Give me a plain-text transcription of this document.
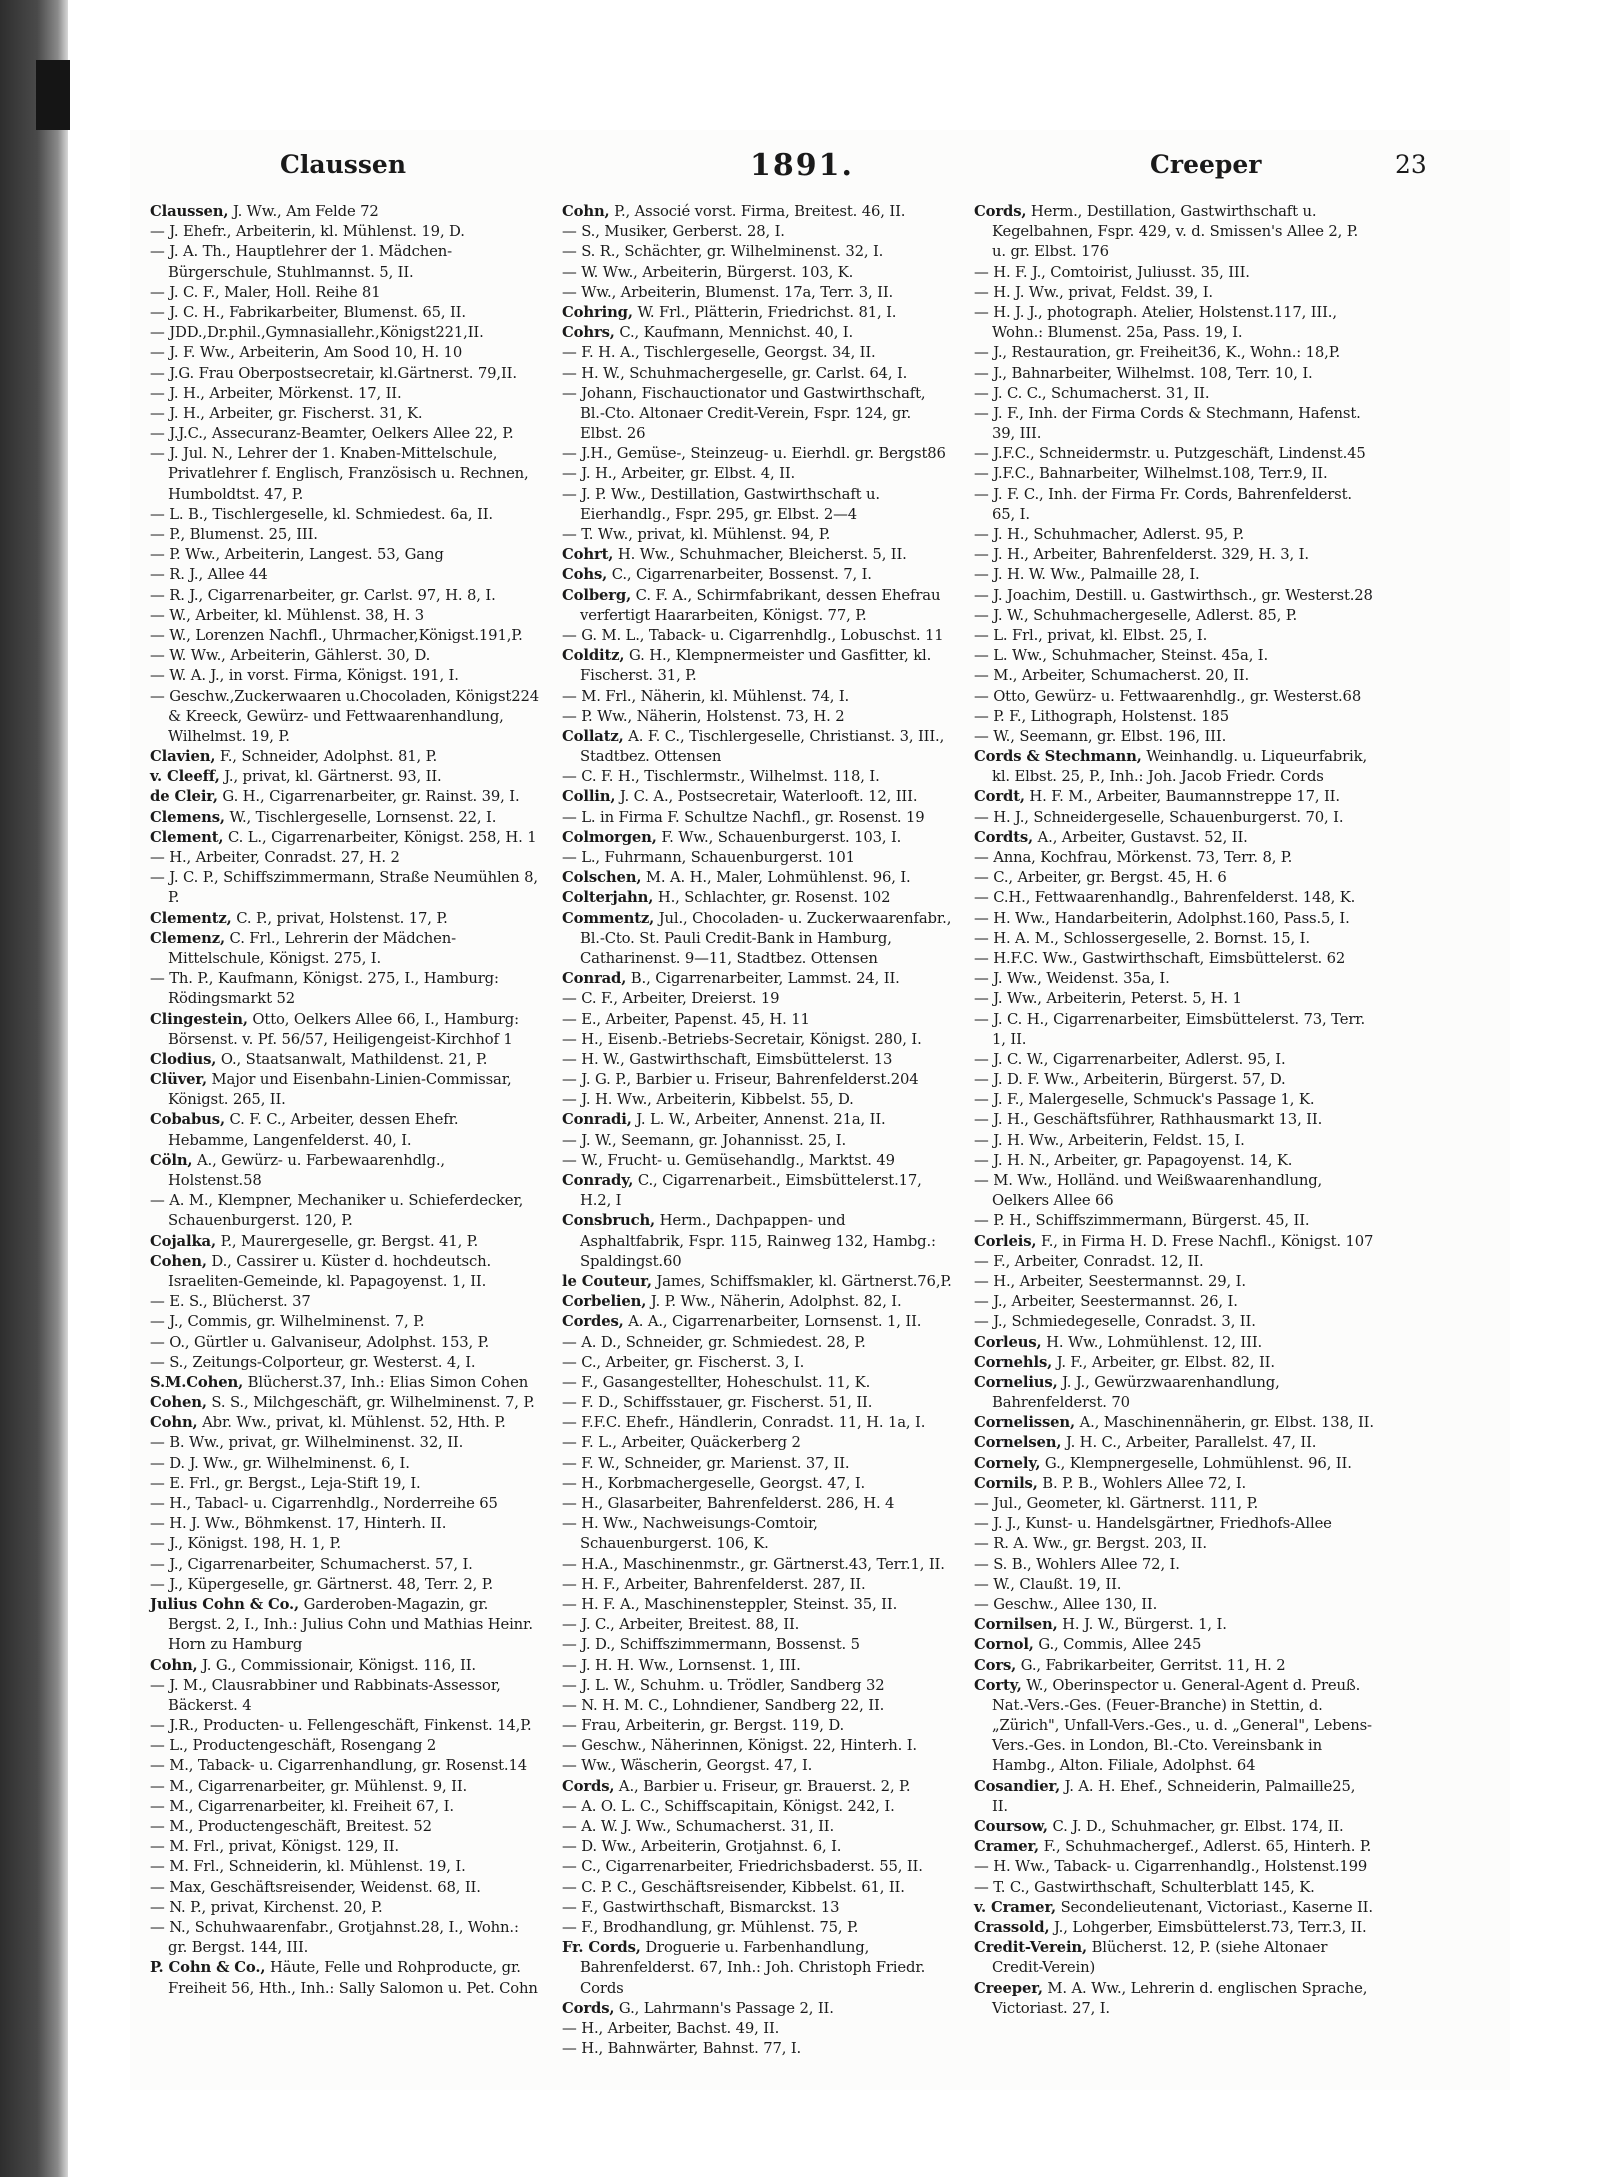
Claussen	1891.	Creeper	23

Claussen, J. Ww., Am Felde 72

— J. Ehefr., Arbeiterin, kl. Mühlenst. 19, D.

— J. A. Th., Hauptlehrer der 1. Mädchen-Bürgerschule, Stuhlmannst. 5, II.

— J. C. F., Maler, Holl. Reihe 81

— J. C. H., Fabrikarbeiter, Blumenst. 65, II.

— JDD.,Dr.phil.,Gymnasiallehr.,Königst221,II.

— J. F. Ww., Arbeiterin, Am Sood 10, H. 10

— J.G. Frau Oberpostsecretair, kl.Gärtnerst. 79,II.

— J. H., Arbeiter, Mörkenst. 17, II.

— J. H., Arbeiter, gr. Fischerst. 31, K.

— J.J.C., Assecuranz-Beamter, Oelkers Allee 22, P.

— J. Jul. N., Lehrer der 1. Knaben-Mittelschule, Privatlehrer f. Englisch, Französisch u. Rechnen, Humboldtst. 47, P.

— L. B., Tischlergeselle, kl. Schmiedest. 6a, II.

— P., Blumenst. 25, III.

— P. Ww., Arbeiterin, Langest. 53, Gang

— R. J., Allee 44

— R. J., Cigarrenarbeiter, gr. Carlst. 97, H. 8, I.

— W., Arbeiter, kl. Mühlenst. 38, H. 3

— W., Lorenzen Nachfl., Uhrmacher,Königst.191,P.

— W. Ww., Arbeiterin, Gählerst. 30, D.

— W. A. J., in vorst. Firma, Königst. 191, I.

— Geschw.,Zuckerwaaren u.Chocoladen, Königst224 & Kreeck, Gewürz- und Fettwaarenhandlung, Wilhelmst. 19, P.

Clavien, F., Schneider, Adolphst. 81, P.

v. Cleeff, J., privat, kl. Gärtnerst. 93, II.

de Cleir, G. H., Cigarrenarbeiter, gr. Rainst. 39, I.

Clemens, W., Tischlergeselle, Lornsenst. 22, I.

Clement, C. L., Cigarrenarbeiter, Königst. 258, H. 1

— H., Arbeiter, Conradst. 27, H. 2

— J. C. P., Schiffszimmermann, Straße Neumühlen 8, P.

Clementz, C. P., privat, Holstenst. 17, P.

Clemenz, C. Frl., Lehrerin der Mädchen-Mittelschule, Königst. 275, I.

— Th. P., Kaufmann, Königst. 275, I., Hamburg: Rödingsmarkt 52

Clingestein, Otto, Oelkers Allee 66, I., Hamburg: Börsenst. v. Pf. 56/57, Heiligengeist-Kirchhof 1

Clodius, O., Staatsanwalt, Mathildenst. 21, P.

Clüver, Major und Eisenbahn-Linien-Commissar, Königst. 265, II.

Cobabus, C. F. C., Arbeiter, dessen Ehefr. Hebamme, Langenfelderst. 40, I.

Cöln, A., Gewürz- u. Farbewaarenhdlg., Holstenst.58

— A. M., Klempner, Mechaniker u. Schieferdecker, Schauenburgerst. 120, P.

Cojalka, P., Maurergeselle, gr. Bergst. 41, P.

Cohen, D., Cassirer u. Küster d. hochdeutsch. Israeliten-Gemeinde, kl. Papagoyenst. 1, II.

— E. S., Blücherst. 37

— J., Commis, gr. Wilhelminenst. 7, P.

— O., Gürtler u. Galvaniseur, Adolphst. 153, P.

— S., Zeitungs-Colporteur, gr. Westerst. 4, I.

S.M.Cohen, Blücherst.37, Inh.: Elias Simon Cohen

Cohen, S. S., Milchgeschäft, gr. Wilhelminenst. 7, P.

Cohn, Abr. Ww., privat, kl. Mühlenst. 52, Hth. P.

— B. Ww., privat, gr. Wilhelminenst. 32, II.

— D. J. Ww., gr. Wilhelminenst. 6, I.

— E. Frl., gr. Bergst., Leja-Stift 19, I.

— H., Tabacl- u. Cigarrenhdlg., Norderreihe 65

— H. J. Ww., Böhmkenst. 17, Hinterh. II.

— J., Königst. 198, H. 1, P.

— J., Cigarrenarbeiter, Schumacherst. 57, I.

— J., Küpergeselle, gr. Gärtnerst. 48, Terr. 2, P.

Julius Cohn & Co., Garderoben-Magazin, gr. Bergst. 2, I., Inh.: Julius Cohn und Mathias Heinr. Horn zu Hamburg

Cohn, J. G., Commissionair, Königst. 116, II.

— J. M., Clausrabbiner und Rabbinats-Assessor, Bäckerst. 4

— J.R., Producten- u. Fellengeschäft, Finkenst. 14,P.

— L., Productengeschäft, Rosengang 2

— M., Taback- u. Cigarrenhandlung, gr. Rosenst.14

— M., Cigarrenarbeiter, gr. Mühlenst. 9, II.

— M., Cigarrenarbeiter, kl. Freiheit 67, I.

— M., Productengeschäft, Breitest. 52

— M. Frl., privat, Königst. 129, II.

— M. Frl., Schneiderin, kl. Mühlenst. 19, I.

— Max, Geschäftsreisender, Weidenst. 68, II.

— N. P., privat, Kirchenst. 20, P.

— N., Schuhwaarenfabr., Grotjahnst.28, I., Wohn.: gr. Bergst. 144, III.

P. Cohn & Co., Häute, Felle und Rohproducte, gr. Freiheit 56, Hth., Inh.: Sally Salomon u. Pet. Cohn

Cohn, P., Associé vorst. Firma, Breitest. 46, II.

— S., Musiker, Gerberst. 28, I.

— S. R., Schächter, gr. Wilhelminenst. 32, I.

— W. Ww., Arbeiterin, Bürgerst. 103, K.

— Ww., Arbeiterin, Blumenst. 17a, Terr. 3, II.

Cohring, W. Frl., Plätterin, Friedrichst. 81, I.

Cohrs, C., Kaufmann, Mennichst. 40, I.

— F. H. A., Tischlergeselle, Georgst. 34, II.

— H. W., Schuhmachergeselle, gr. Carlst. 64, I.

— Johann, Fischauctionator und Gastwirthschaft, Bl.-Cto. Altonaer Credit-Verein, Fspr. 124, gr. Elbst. 26

— J.H., Gemüse-, Steinzeug- u. Eierhdl. gr. Bergst86

— J. H., Arbeiter, gr. Elbst. 4, II.

— J. P. Ww., Destillation, Gastwirthschaft u. Eierhandlg., Fspr. 295, gr. Elbst. 2—4

— T. Ww., privat, kl. Mühlenst. 94, P.

Cohrt, H. Ww., Schuhmacher, Bleicherst. 5, II.

Cohs, C., Cigarrenarbeiter, Bossenst. 7, I.

Colberg, C. F. A., Schirmfabrikant, dessen Ehefrau verfertigt Haararbeiten, Königst. 77, P.

— G. M. L., Taback- u. Cigarrenhdlg., Lobuschst. 11

Colditz, G. H., Klempnermeister und Gasfitter, kl. Fischerst. 31, P.

— M. Frl., Näherin, kl. Mühlenst. 74, I.

— P. Ww., Näherin, Holstenst. 73, H. 2

Collatz, A. F. C., Tischlergeselle, Christianst. 3, III., Stadtbez. Ottensen

— C. F. H., Tischlermstr., Wilhelmst. 118, I.

Collin, J. C. A., Postsecretair, Waterlooft. 12, III.

— L. in Firma F. Schultze Nachfl., gr. Rosenst. 19

Colmorgen, F. Ww., Schauenburgerst. 103, I.

— L., Fuhrmann, Schauenburgerst. 101

Colschen, M. A. H., Maler, Lohmühlenst. 96, I.

Colterjahn, H., Schlachter, gr. Rosenst. 102

Commentz, Jul., Chocoladen- u. Zuckerwaarenfabr., Bl.-Cto. St. Pauli Credit-Bank in Hamburg, Catharinenst. 9—11, Stadtbez. Ottensen

Conrad, B., Cigarrenarbeiter, Lammst. 24, II.

— C. F., Arbeiter, Dreierst. 19

— E., Arbeiter, Papenst. 45, H. 11

— H., Eisenb.-Betriebs-Secretair, Königst. 280, I.

— H. W., Gastwirthschaft, Eimsbüttelerst. 13

— J. G. P., Barbier u. Friseur, Bahrenfelderst.204

— J. H. Ww., Arbeiterin, Kibbelst. 55, D.

Conradi, J. L. W., Arbeiter, Annenst. 21a, II.

— J. W., Seemann, gr. Johannisst. 25, I.

— W., Frucht- u. Gemüsehandlg., Marktst. 49

Conrady, C., Cigarrenarbeit., Eimsbüttelerst.17, H.2, I

Consbruch, Herm., Dachpappen- und Asphaltfabrik, Fspr. 115, Rainweg 132, Hambg.: Spaldingst.60

le Couteur, James, Schiffsmakler, kl. Gärtnerst.76,P.

Corbelien, J. P. Ww., Näherin, Adolphst. 82, I.

Cordes, A. A., Cigarrenarbeiter, Lornsenst. 1, II.

— A. D., Schneider, gr. Schmiedest. 28, P.

— C., Arbeiter, gr. Fischerst. 3, I.

— F., Gasangestellter, Hoheschulst. 11, K.

— F. D., Schiffsstauer, gr. Fischerst. 51, II.

— F.F.C. Ehefr., Händlerin, Conradst. 11, H. 1a, I.

— F. L., Arbeiter, Quäckerberg 2

— F. W., Schneider, gr. Marienst. 37, II.

— H., Korbmachergeselle, Georgst. 47, I.

— H., Glasarbeiter, Bahrenfelderst. 286, H. 4

— H. Ww., Nachweisungs-Comtoir, Schauenburgerst. 106, K.

— H.A., Maschinenmstr., gr. Gärtnerst.43, Terr.1, II.

— H. F., Arbeiter, Bahrenfelderst. 287, II.

— H. F. A., Maschinensteppler, Steinst. 35, II.

— J. C., Arbeiter, Breitest. 88, II.

— J. D., Schiffszimmermann, Bossenst. 5

— J. H. H. Ww., Lornsenst. 1, III.

— J. L. W., Schuhm. u. Trödler, Sandberg 32

— N. H. M. C., Lohndiener, Sandberg 22, II.

— Frau, Arbeiterin, gr. Bergst. 119, D.

— Geschw., Näherinnen, Königst. 22, Hinterh. I.

— Ww., Wäscherin, Georgst. 47, I.

Cords, A., Barbier u. Friseur, gr. Brauerst. 2, P.

— A. O. L. C., Schiffscapitain, Königst. 242, I.

— A. W. J. Ww., Schumacherst. 31, II.

— D. Ww., Arbeiterin, Grotjahnst. 6, I.

— C., Cigarrenarbeiter, Friedrichsbaderst. 55, II.

— C. P. C., Geschäftsreisender, Kibbelst. 61, II.

— F., Gastwirthschaft, Bismarckst. 13

— F., Brodhandlung, gr. Mühlenst. 75, P.

Fr. Cords, Droguerie u. Farbenhandlung, Bahrenfelderst. 67, Inh.: Joh. Christoph Friedr. Cords

Cords, G., Lahrmann's Passage 2, II.

— H., Arbeiter, Bachst. 49, II.

— H., Bahnwärter, Bahnst. 77, I.

Cords, Herm., Destillation, Gastwirthschaft u. Kegelbahnen, Fspr. 429, v. d. Smissen's Allee 2, P. u. gr. Elbst. 176

— H. F. J., Comtoirist, Juliusst. 35, III.

— H. J. Ww., privat, Feldst. 39, I.

— H. J. J., photograph. Atelier, Holstenst.117, III., Wohn.: Blumenst. 25a, Pass. 19, I.

— J., Restauration, gr. Freiheit36, K., Wohn.: 18,P.

— J., Bahnarbeiter, Wilhelmst. 108, Terr. 10, I.

— J. C. C., Schumacherst. 31, II.

— J. F., Inh. der Firma Cords & Stechmann, Hafenst. 39, III.

— J.F.C., Schneidermstr. u. Putzgeschäft, Lindenst.45

— J.F.C., Bahnarbeiter, Wilhelmst.108, Terr.9, II.

— J. F. C., Inh. der Firma Fr. Cords, Bahrenfelderst. 65, I.

— J. H., Schuhmacher, Adlerst. 95, P.

— J. H., Arbeiter, Bahrenfelderst. 329, H. 3, I.

— J. H. W. Ww., Palmaille 28, I.

— J. Joachim, Destill. u. Gastwirthsch., gr. Westerst.28

— J. W., Schuhmachergeselle, Adlerst. 85, P.

— L. Frl., privat, kl. Elbst. 25, I.

— L. Ww., Schuhmacher, Steinst. 45a, I.

— M., Arbeiter, Schumacherst. 20, II.

— Otto, Gewürz- u. Fettwaarenhdlg., gr. Westerst.68

— P. F., Lithograph, Holstenst. 185

— W., Seemann, gr. Elbst. 196, III.

Cords & Stechmann, Weinhandlg. u. Liqueurfabrik, kl. Elbst. 25, P., Inh.: Joh. Jacob Friedr. Cords

Cordt, H. F. M., Arbeiter, Baumannstreppe 17, II.

— H. J., Schneidergeselle, Schauenburgerst. 70, I.

Cordts, A., Arbeiter, Gustavst. 52, II.

— Anna, Kochfrau, Mörkenst. 73, Terr. 8, P.

— C., Arbeiter, gr. Bergst. 45, H. 6

— C.H., Fettwaarenhandlg., Bahrenfelderst. 148, K.

— H. Ww., Handarbeiterin, Adolphst.160, Pass.5, I.

— H. A. M., Schlossergeselle, 2. Bornst. 15, I.

— H.F.C. Ww., Gastwirthschaft, Eimsbüttelerst. 62

— J. Ww., Weidenst. 35a, I.

— J. Ww., Arbeiterin, Peterst. 5, H. 1

— J. C. H., Cigarrenarbeiter, Eimsbüttelerst. 73, Terr. 1, II.

— J. C. W., Cigarrenarbeiter, Adlerst. 95, I.

— J. D. F. Ww., Arbeiterin, Bürgerst. 57, D.

— J. F., Malergeselle, Schmuck's Passage 1, K.

— J. H., Geschäftsführer, Rathhausmarkt 13, II.

— J. H. Ww., Arbeiterin, Feldst. 15, I.

— J. H. N., Arbeiter, gr. Papagoyenst. 14, K.

— M. Ww., Holländ. und Weißwaarenhandlung, Oelkers Allee 66

— P. H., Schiffszimmermann, Bürgerst. 45, II.

Corleis, F., in Firma H. D. Frese Nachfl., Königst. 107

— F., Arbeiter, Conradst. 12, II.

— H., Arbeiter, Seestermannst. 29, I.

— J., Arbeiter, Seestermannst. 26, I.

— J., Schmiedegeselle, Conradst. 3, II.

Corleus, H. Ww., Lohmühlenst. 12, III.

Cornehls, J. F., Arbeiter, gr. Elbst. 82, II.

Cornelius, J. J., Gewürzwaarenhandlung, Bahrenfelderst. 70

Cornelissen, A., Maschinennäherin, gr. Elbst. 138, II.

Cornelsen, J. H. C., Arbeiter, Parallelst. 47, II.

Cornely, G., Klempnergeselle, Lohmühlenst. 96, II.

Cornils, B. P. B., Wohlers Allee 72, I.

— Jul., Geometer, kl. Gärtnerst. 111, P.

— J. J., Kunst- u. Handelsgärtner, Friedhofs-Allee

— R. A. Ww., gr. Bergst. 203, II.

— S. B., Wohlers Allee 72, I.

— W., Claußt. 19, II.

— Geschw., Allee 130, II.

Cornilsen, H. J. W., Bürgerst. 1, I.

Cornol, G., Commis, Allee 245

Cors, G., Fabrikarbeiter, Gerritst. 11, H. 2

Corty, W., Oberinspector u. General-Agent d. Preuß. Nat.-Vers.-Ges. (Feuer-Branche) in Stettin, d. „Zürich", Unfall-Vers.-Ges., u. d. „General", Lebens-Vers.-Ges. in London, Bl.-Cto. Vereinsbank in Hambg., Alton. Filiale, Adolphst. 64

Cosandier, J. A. H. Ehef., Schneiderin, Palmaille25, II.

Coursow, C. J. D., Schuhmacher, gr. Elbst. 174, II.

Cramer, F., Schuhmachergef., Adlerst. 65, Hinterh. P.

— H. Ww., Taback- u. Cigarrenhandlg., Holstenst.199

— T. C., Gastwirthschaft, Schulterblatt 145, K.

v. Cramer, Secondelieutenant, Victoriast., Kaserne II.

Crassold, J., Lohgerber, Eimsbüttelerst.73, Terr.3, II.

Credit-Verein, Blücherst. 12, P. (siehe Altonaer Credit-Verein)

Creeper, M. A. Ww., Lehrerin d. englischen Sprache, Victoriast. 27, I.
